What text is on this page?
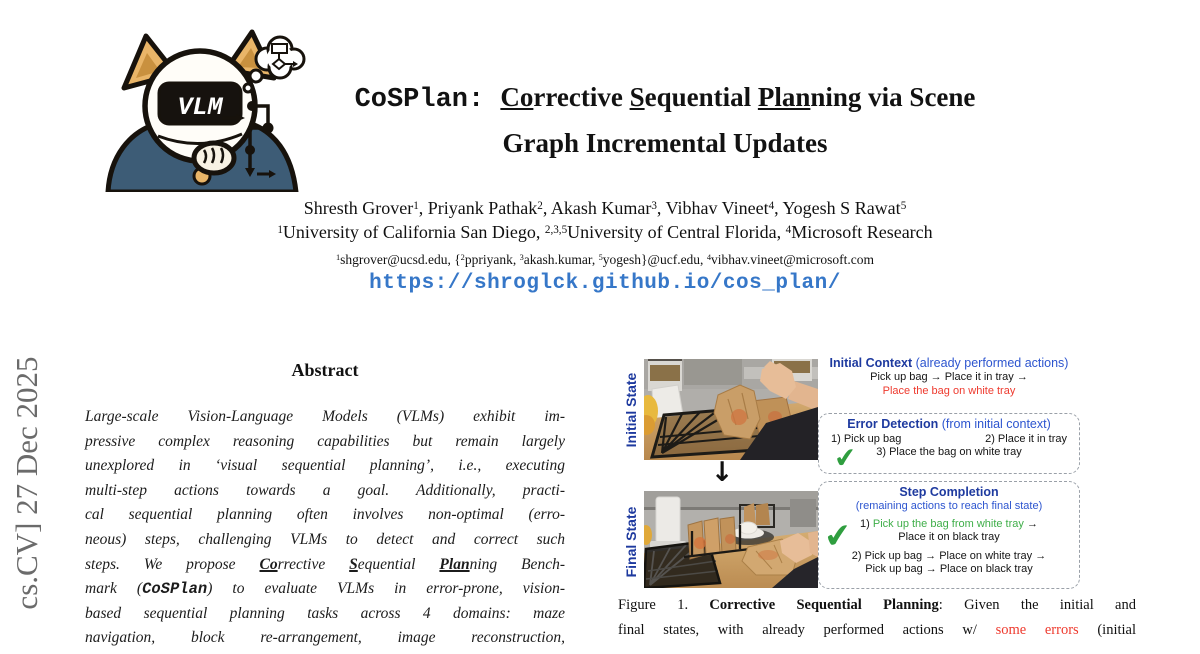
cs.CV] 27 Dec 2025
VLM	CoSPlan: Corrective Sequential Planning via Scene
Graph Incremental Updates
Shresth Grover$^1$, Priyank Pathak$^2$, Akash Kumar$^3$, Vibhav Vineet$^4$, Yogesh S Rawat$^5$
$^1$University of California San Diego, $^{2,3,5}$University of Central Florida, $^4$Microsoft Research
$^1$shgrover@ucsd.edu, {$^2$ppriyank, $^3$akash.kumar, $^5$yogesh}@ucf.edu, $^4$vibhav.vineet@microsoft.com
https://shroglck.github.io/cos_plan/
Abstract
Large-scale Vision-Language Models (VLMs) exhibit im-
pressive complex reasoning capabilities but remain largely
unexplored in ‘visual sequential planning’, i.e., executing
multi-step actions towards a goal. Additionally, practi-
cal sequential planning often involves non-optimal (erro-
neous) steps, challenging VLMs to detect and correct such
steps. We propose Corrective Sequential Planning Bench-
mark (CoSPlan) to evaluate VLMs in error-prone, vision-
based sequential planning tasks across 4 domains: maze
navigation, block re-arrangement, image reconstruction,
Initial State
↓
Final State
Initial Context (already performed actions)
Pick up bag → Place it in tray →
Place the bag on white tray
Error Detection (from initial context)
1) Pick up bag	2) Place it in tray
3) Place the bag on white tray
✔
Step Completion
(remaining actions to reach final state)
1) Pick up the bag from white tray →
Place it on black tray
2) Pick up bag → Place on white tray →
Pick up bag → Place on black tray
✔
Figure 1. Corrective Sequential Planning: Given the initial and
final states, with already performed actions w/ some errors (initial
